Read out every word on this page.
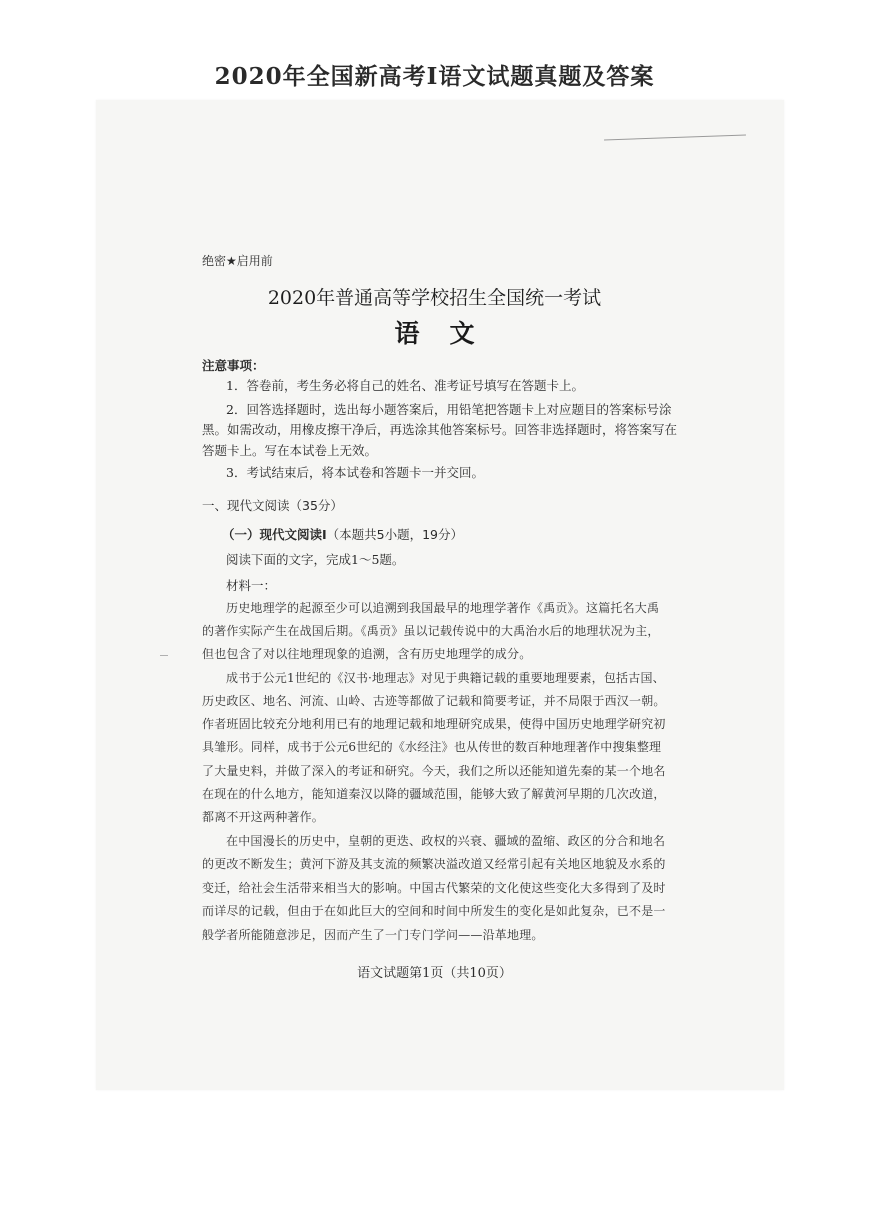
2020年全国新高考Ⅰ语文试题真题及答案
绝密★启用前
2020年普通高等学校招生全国统一考试
语文
注意事项：
1．答卷前，考生务必将自己的姓名、准考证号填写在答题卡上。
2．回答选择题时，选出每小题答案后，用铅笔把答题卡上对应题目的答案标号涂
黑。如需改动，用橡皮擦干净后，再选涂其他答案标号。回答非选择题时，将答案写在
答题卡上。写在本试卷上无效。
3．考试结束后，将本试卷和答题卡一并交回。
一、现代文阅读（35分）
（一）现代文阅读Ⅰ（本题共5小题，19分）
阅读下面的文字，完成1～5题。
材料一：
历史地理学的起源至少可以追溯到我国最早的地理学著作《禹贡》。这篇托名大禹
的著作实际产生在战国后期。《禹贡》虽以记载传说中的大禹治水后的地理状况为主，
但也包含了对以往地理现象的追溯，含有历史地理学的成分。
成书于公元1世纪的《汉书·地理志》对见于典籍记载的重要地理要素，包括古国、
历史政区、地名、河流、山岭、古迹等都做了记载和简要考证，并不局限于西汉一朝。
作者班固比较充分地利用已有的地理记载和地理研究成果，使得中国历史地理学研究初
具雏形。同样，成书于公元6世纪的《水经注》也从传世的数百种地理著作中搜集整理
了大量史料，并做了深入的考证和研究。今天，我们之所以还能知道先秦的某一个地名
在现在的什么地方，能知道秦汉以降的疆域范围，能够大致了解黄河早期的几次改道，
都离不开这两种著作。
在中国漫长的历史中，皇朝的更迭、政权的兴衰、疆域的盈缩、政区的分合和地名
的更改不断发生；黄河下游及其支流的频繁决溢改道又经常引起有关地区地貌及水系的
变迁，给社会生活带来相当大的影响。中国古代繁荣的文化使这些变化大多得到了及时
而详尽的记载，但由于在如此巨大的空间和时间中所发生的变化是如此复杂，已不是一
般学者所能随意涉足，因而产生了一门专门学问——沿革地理。
语文试题第1页（共10页）
